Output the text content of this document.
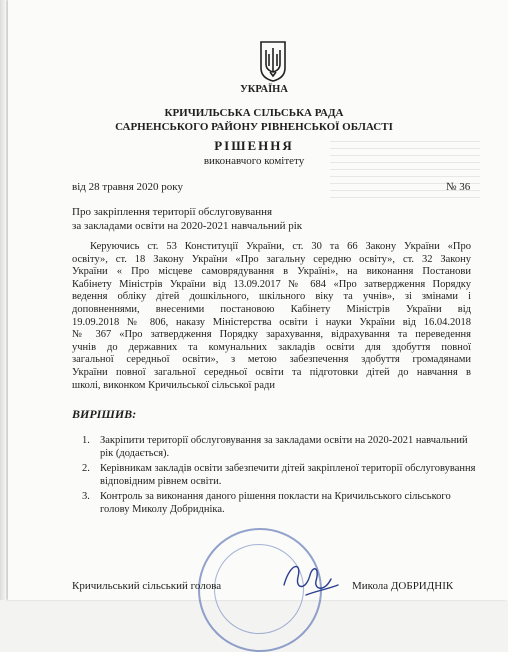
УКРАЇНА
КРИЧИЛЬСЬКА СІЛЬСЬКА РАДА
САРНЕНСЬКОГО РАЙОНУ РІВНЕНСЬКОЇ ОБЛАСТІ
РІШЕННЯ
виконавчого комітету
від 28 травня 2020 року	№ 36
Про закріплення території обслуговування
за закладами освіти на 2020-2021 навчальний рік
Керуючись ст. 53 Конституції України, ст. 30 та 66 Закону України «Про
освіту», ст. 18 Закону України «Про загальну середню освіту», ст. 32 Закону
України « Про місцеве самоврядування в Україні», на виконання Постанови
Кабінету Міністрів України від 13.09.2017 № 684 «Про затвердження Порядку
ведення обліку дітей дошкільного, шкільного віку та учнів», зі змінами і
доповненнями, внесеними постановою Кабінету Міністрів України від
19.09.2018 № 806, наказу Міністерства освіти і науки України від 16.04.2018
№ 367 «Про затвердження Порядку зарахування, відрахування та переведення
учнів до державних та комунальних закладів освіти для здобуття повної
загальної середньої освіти», з метою забезпечення здобуття громадянами
України повної загальної середньої освіти та підготовки дітей до навчання в
школі, виконком Кричильської сільської ради
ВИРІШИВ:
1. Закріпити території обслуговування за закладами освіти на 2020-2021 навчальний рік (додається).
2. Керівникам закладів освіти забезпечити дітей закріпленої території обслуговування відповідним рівнем освіти.
3. Контроль за виконання даного рішення покласти на Кричильського сільського голову Миколу Добридніка.
Кричильський сільський голова	Микола ДОБРИДНІК
